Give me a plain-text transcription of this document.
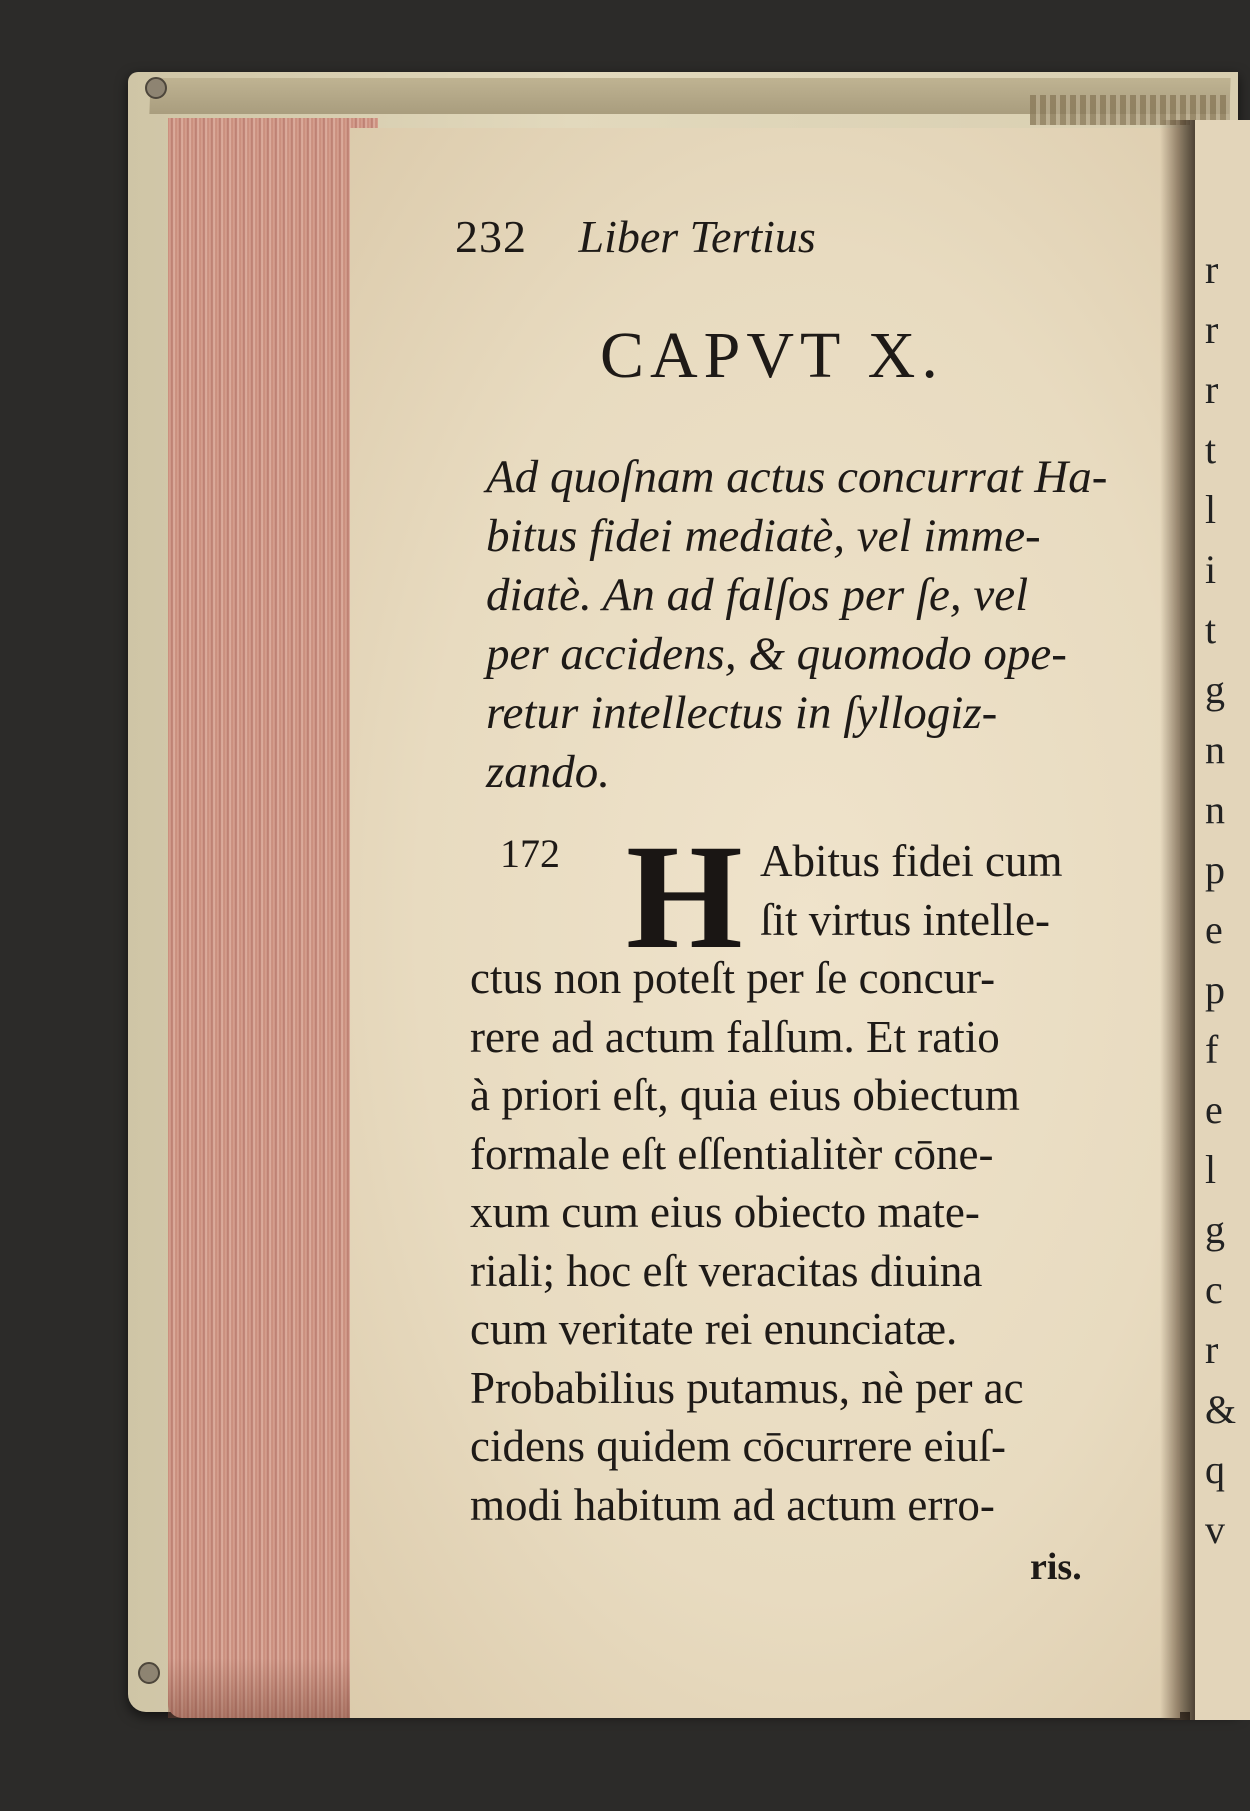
r
r
r
t
l
i
t
g
n
n
p
e
p
f
e
l
g
c
r
&
q
v
232 Liber Tertius
CAPVT X.
Ad quoſnam actus concurrat Ha-
bitus fidei mediatè, vel imme-
diatè. An ad falſos per ſe, vel
per accidens, & quomodo ope-
retur intellectus in ſyllogiz-
zando.
172 H Abitus fidei cum
ſit virtus intelle-
ctus non poteſt per ſe concur-
rere ad actum falſum. Et ratio
à priori eſt, quia eius obiectum
formale eſt eſſentialitèr cōne-
xum cum eius obiecto mate-
riali; hoc eſt veracitas diuina
cum veritate rei enunciatæ.
Probabilius putamus, nè per ac
cidens quidem cōcurrere eiuſ-
modi habitum ad actum erro-
ris.
